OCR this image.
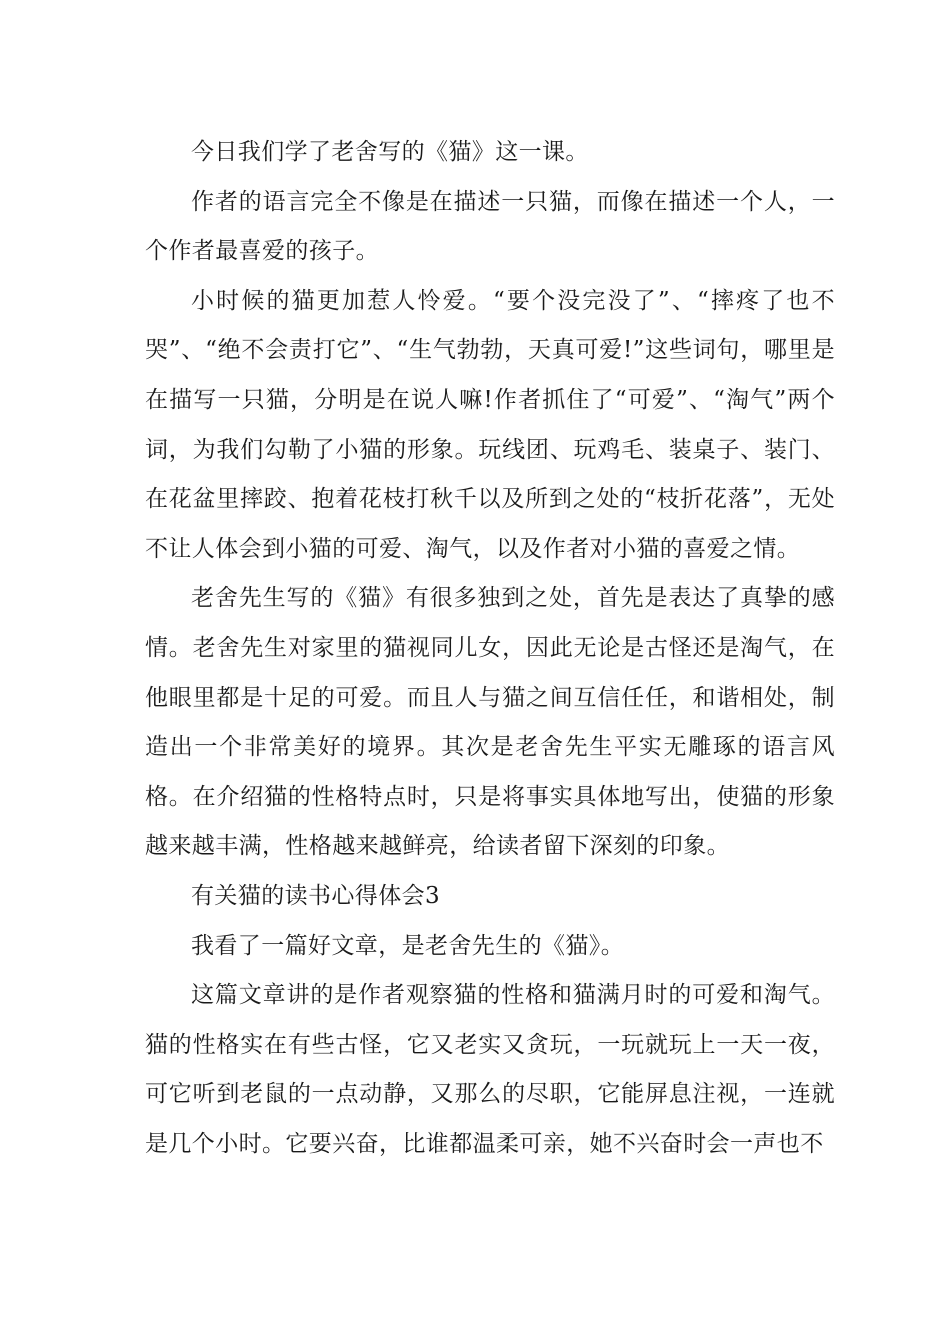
今日我们学了老舍写的《猫》这一课。

作者的语言完全不像是在描述一只猫，而像在描述一个人，一个作者最喜爱的孩子。

小时候的猫更加惹人怜爱。“要个没完没了”、“摔疼了也不哭”、“绝不会责打它”、“生气勃勃，天真可爱!”这些词句，哪里是在描写一只猫，分明是在说人嘛!作者抓住了“可爱”、“淘气”两个词，为我们勾勒了小猫的形象。玩线团、玩鸡毛、装桌子、装门、在花盆里摔跤、抱着花枝打秋千以及所到之处的“枝折花落”，无处不让人体会到小猫的可爱、淘气，以及作者对小猫的喜爱之情。

老舍先生写的《猫》有很多独到之处，首先是表达了真挚的感情。老舍先生对家里的猫视同儿女，因此无论是古怪还是淘气，在他眼里都是十足的可爱。而且人与猫之间互信任任，和谐相处，制造出一个非常美好的境界。其次是老舍先生平实无雕琢的语言风格。在介绍猫的性格特点时，只是将事实具体地写出，使猫的形象越来越丰满，性格越来越鲜亮，给读者留下深刻的印象。

有关猫的读书心得体会3

我看了一篇好文章，是老舍先生的《猫》。

这篇文章讲的是作者观察猫的性格和猫满月时的可爱和淘气。猫的性格实在有些古怪，它又老实又贪玩，一玩就玩上一天一夜，可它听到老鼠的一点动静，又那么的尽职，它能屏息注视，一连就是几个小时。它要兴奋，比谁都温柔可亲，她不兴奋时会一声也不
